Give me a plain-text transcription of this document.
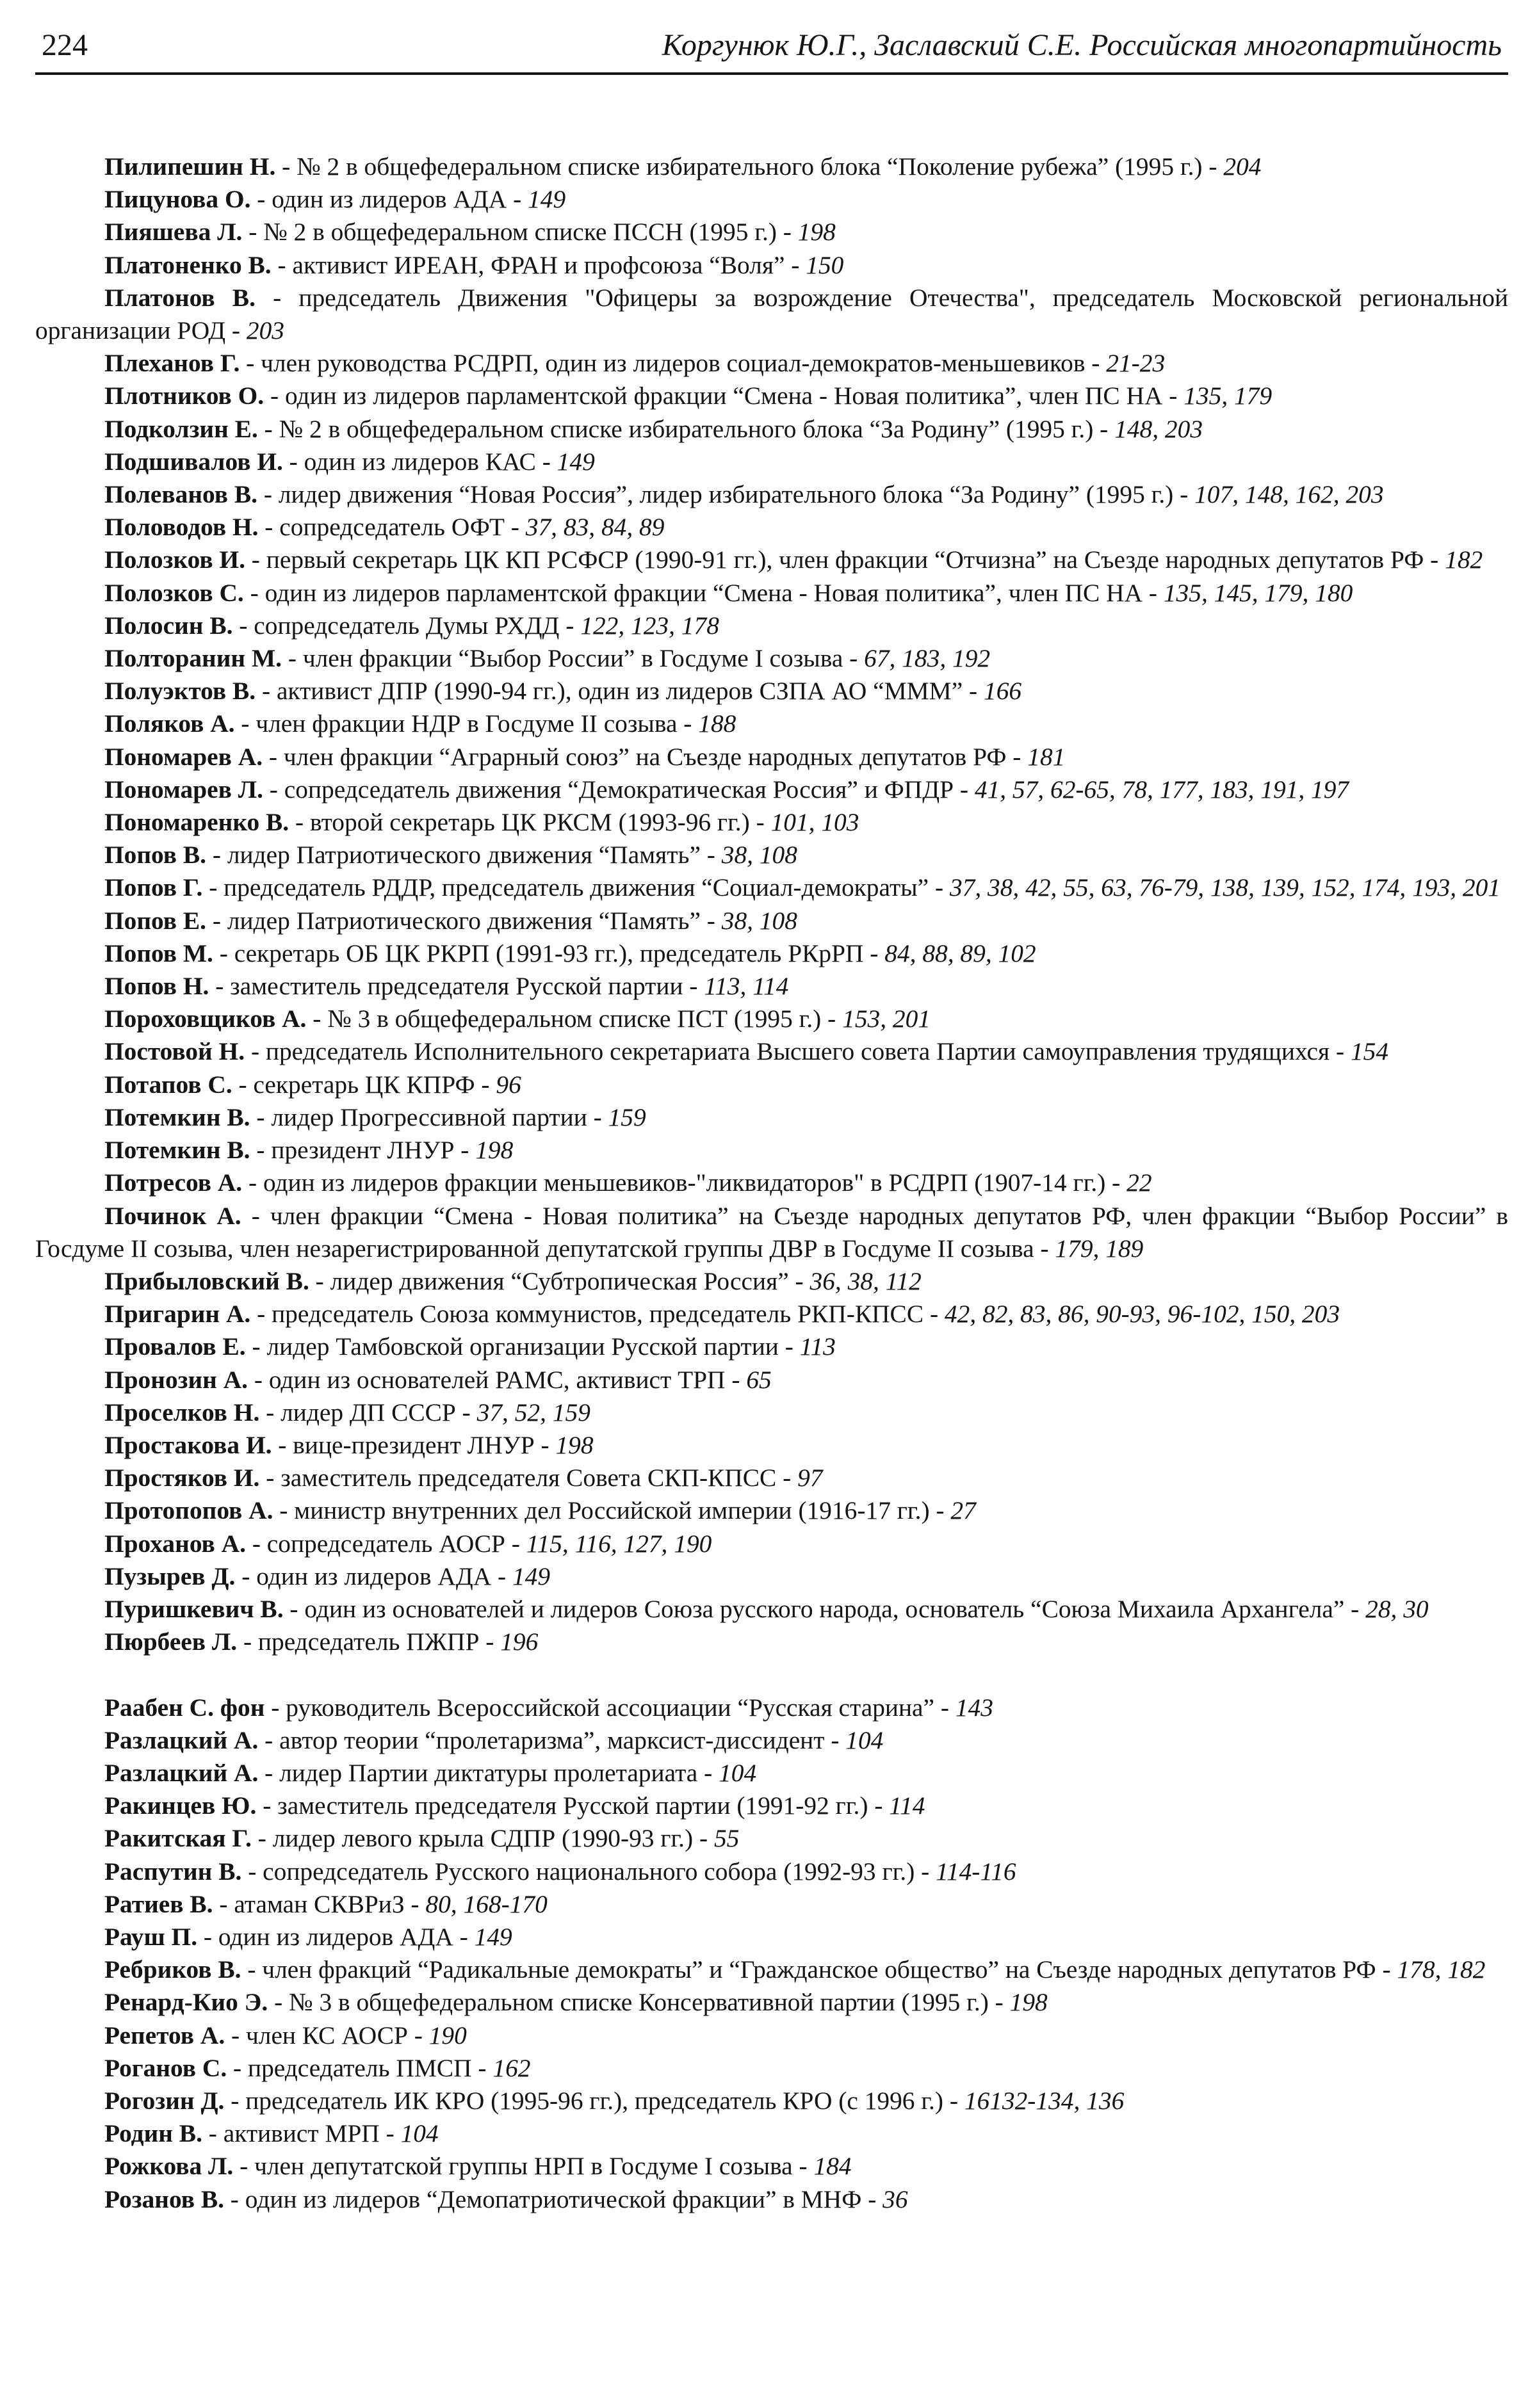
224	Коргунюк Ю.Г., Заславский С.Е. Российская многопартийность
Пилипешин Н. - № 2 в общефедеральном списке избирательного блока “Поколение рубежа” (1995 г.) - 204
Пицунова О. - один из лидеров АДА - 149
Пияшева Л. - № 2 в общефедеральном списке ПССН (1995 г.) - 198
Платоненко В. - активист ИРЕАН, ФРАН и профсоюза “Воля” - 150
Платонов В. - председатель Движения "Офицеры за возрождение Отечества", председатель Московской региональной организации РОД - 203
Плеханов Г. - член руководства РСДРП, один из лидеров социал-демократов-меньшевиков - 21-23
Плотников О. - один из лидеров парламентской фракции “Смена - Новая политика”, член ПС НА - 135, 179
Подколзин Е. - № 2 в общефедеральном списке избирательного блока “За Родину” (1995 г.) - 148, 203
Подшивалов И. - один из лидеров КАС - 149
Полеванов В. - лидер движения “Новая Россия”, лидер избирательного блока “За Родину” (1995 г.) - 107, 148, 162, 203
Половодов Н. - сопредседатель ОФТ - 37, 83, 84, 89
Полозков И. - первый секретарь ЦК КП РСФСР (1990-91 гг.), член фракции “Отчизна” на Съезде народных депутатов РФ - 182
Полозков С. - один из лидеров парламентской фракции “Смена - Новая политика”, член ПС НА - 135, 145, 179, 180
Полосин В. - сопредседатель Думы РХДД - 122, 123, 178
Полторанин М. - член фракции “Выбор России” в Госдуме I созыва - 67, 183, 192
Полуэктов В. - активист ДПР (1990-94 гг.), один из лидеров СЗПА АО “МММ” - 166
Поляков А. - член фракции НДР в Госдуме II созыва - 188
Пономарев А. - член фракции “Аграрный союз” на Съезде народных депутатов РФ - 181
Пономарев Л. - сопредседатель движения “Демократическая Россия” и ФПДР - 41, 57, 62-65, 78, 177, 183, 191, 197
Пономаренко В. - второй секретарь ЦК РКСМ (1993-96 гг.) - 101, 103
Попов В. - лидер Патриотического движения “Память” - 38, 108
Попов Г. - председатель РДДР, председатель движения “Социал-демократы” - 37, 38, 42, 55, 63, 76-79, 138, 139, 152, 174, 193, 201
Попов Е. - лидер Патриотического движения “Память” - 38, 108
Попов М. - секретарь ОБ ЦК РКРП (1991-93 гг.), председатель РКрРП - 84, 88, 89, 102
Попов Н. - заместитель председателя Русской партии - 113, 114
Пороховщиков А. - № 3 в общефедеральном списке ПСТ (1995 г.) - 153, 201
Постовой Н. - председатель Исполнительного секретариата Высшего совета Партии самоуправления трудящихся - 154
Потапов С. - секретарь ЦК КПРФ - 96
Потемкин В. - лидер Прогрессивной партии - 159
Потемкин В. - президент ЛНУР - 198
Потресов А. - один из лидеров фракции меньшевиков-"ликвидаторов" в РСДРП (1907-14 гг.) - 22
Починок А. - член фракции “Смена - Новая политика” на Съезде народных депутатов РФ, член фракции “Выбор России” в Госдуме II созыва, член незарегистрированной депутатской группы ДВР в Госдуме II созыва - 179, 189
Прибыловский В. - лидер движения “Субтропическая Россия” - 36, 38, 112
Пригарин А. - председатель Союза коммунистов, председатель РКП-КПСС - 42, 82, 83, 86, 90-93, 96-102, 150, 203
Провалов Е. - лидер Тамбовской организации Русской партии - 113
Пронозин А. - один из основателей РАМС, активист ТРП - 65
Проселков Н. - лидер ДП СССР - 37, 52, 159
Простакова И. - вице-президент ЛНУР - 198
Простяков И. - заместитель председателя Совета СКП-КПСС - 97
Протопопов А. - министр внутренних дел Российской империи (1916-17 гг.) - 27
Проханов А. - сопредседатель АОСР - 115, 116, 127, 190
Пузырев Д. - один из лидеров АДА - 149
Пуришкевич В. - один из основателей и лидеров Союза русского народа, основатель “Союза Михаила Архангела” - 28, 30
Пюрбеев Л. - председатель ПЖПР - 196
Раабен С. фон - руководитель Всероссийской ассоциации “Русская старина” - 143
Разлацкий А. - автор теории “пролетаризма”, марксист-диссидент - 104
Разлацкий А. - лидер Партии диктатуры пролетариата - 104
Ракинцев Ю. - заместитель председателя Русской партии (1991-92 гг.) - 114
Ракитская Г. - лидер левого крыла СДПР (1990-93 гг.) - 55
Распутин В. - сопредседатель Русского национального собора (1992-93 гг.) - 114-116
Ратиев В. - атаман СКВРиЗ - 80, 168-170
Рауш П. - один из лидеров АДА - 149
Ребриков В. - член фракций “Радикальные демократы” и “Гражданское общество” на Съезде народных депутатов РФ - 178, 182
Ренард-Кио Э. - № 3 в общефедеральном списке Консервативной партии (1995 г.) - 198
Репетов А. - член КС АОСР - 190
Роганов С. - председатель ПМСП - 162
Рогозин Д. - председатель ИК КРО (1995-96 гг.), председатель КРО (с 1996 г.) - 16132-134, 136
Родин В. - активист МРП - 104
Рожкова Л. - член депутатской группы НРП в Госдуме I созыва - 184
Розанов В. - один из лидеров “Демопатриотической фракции” в МНФ - 36
